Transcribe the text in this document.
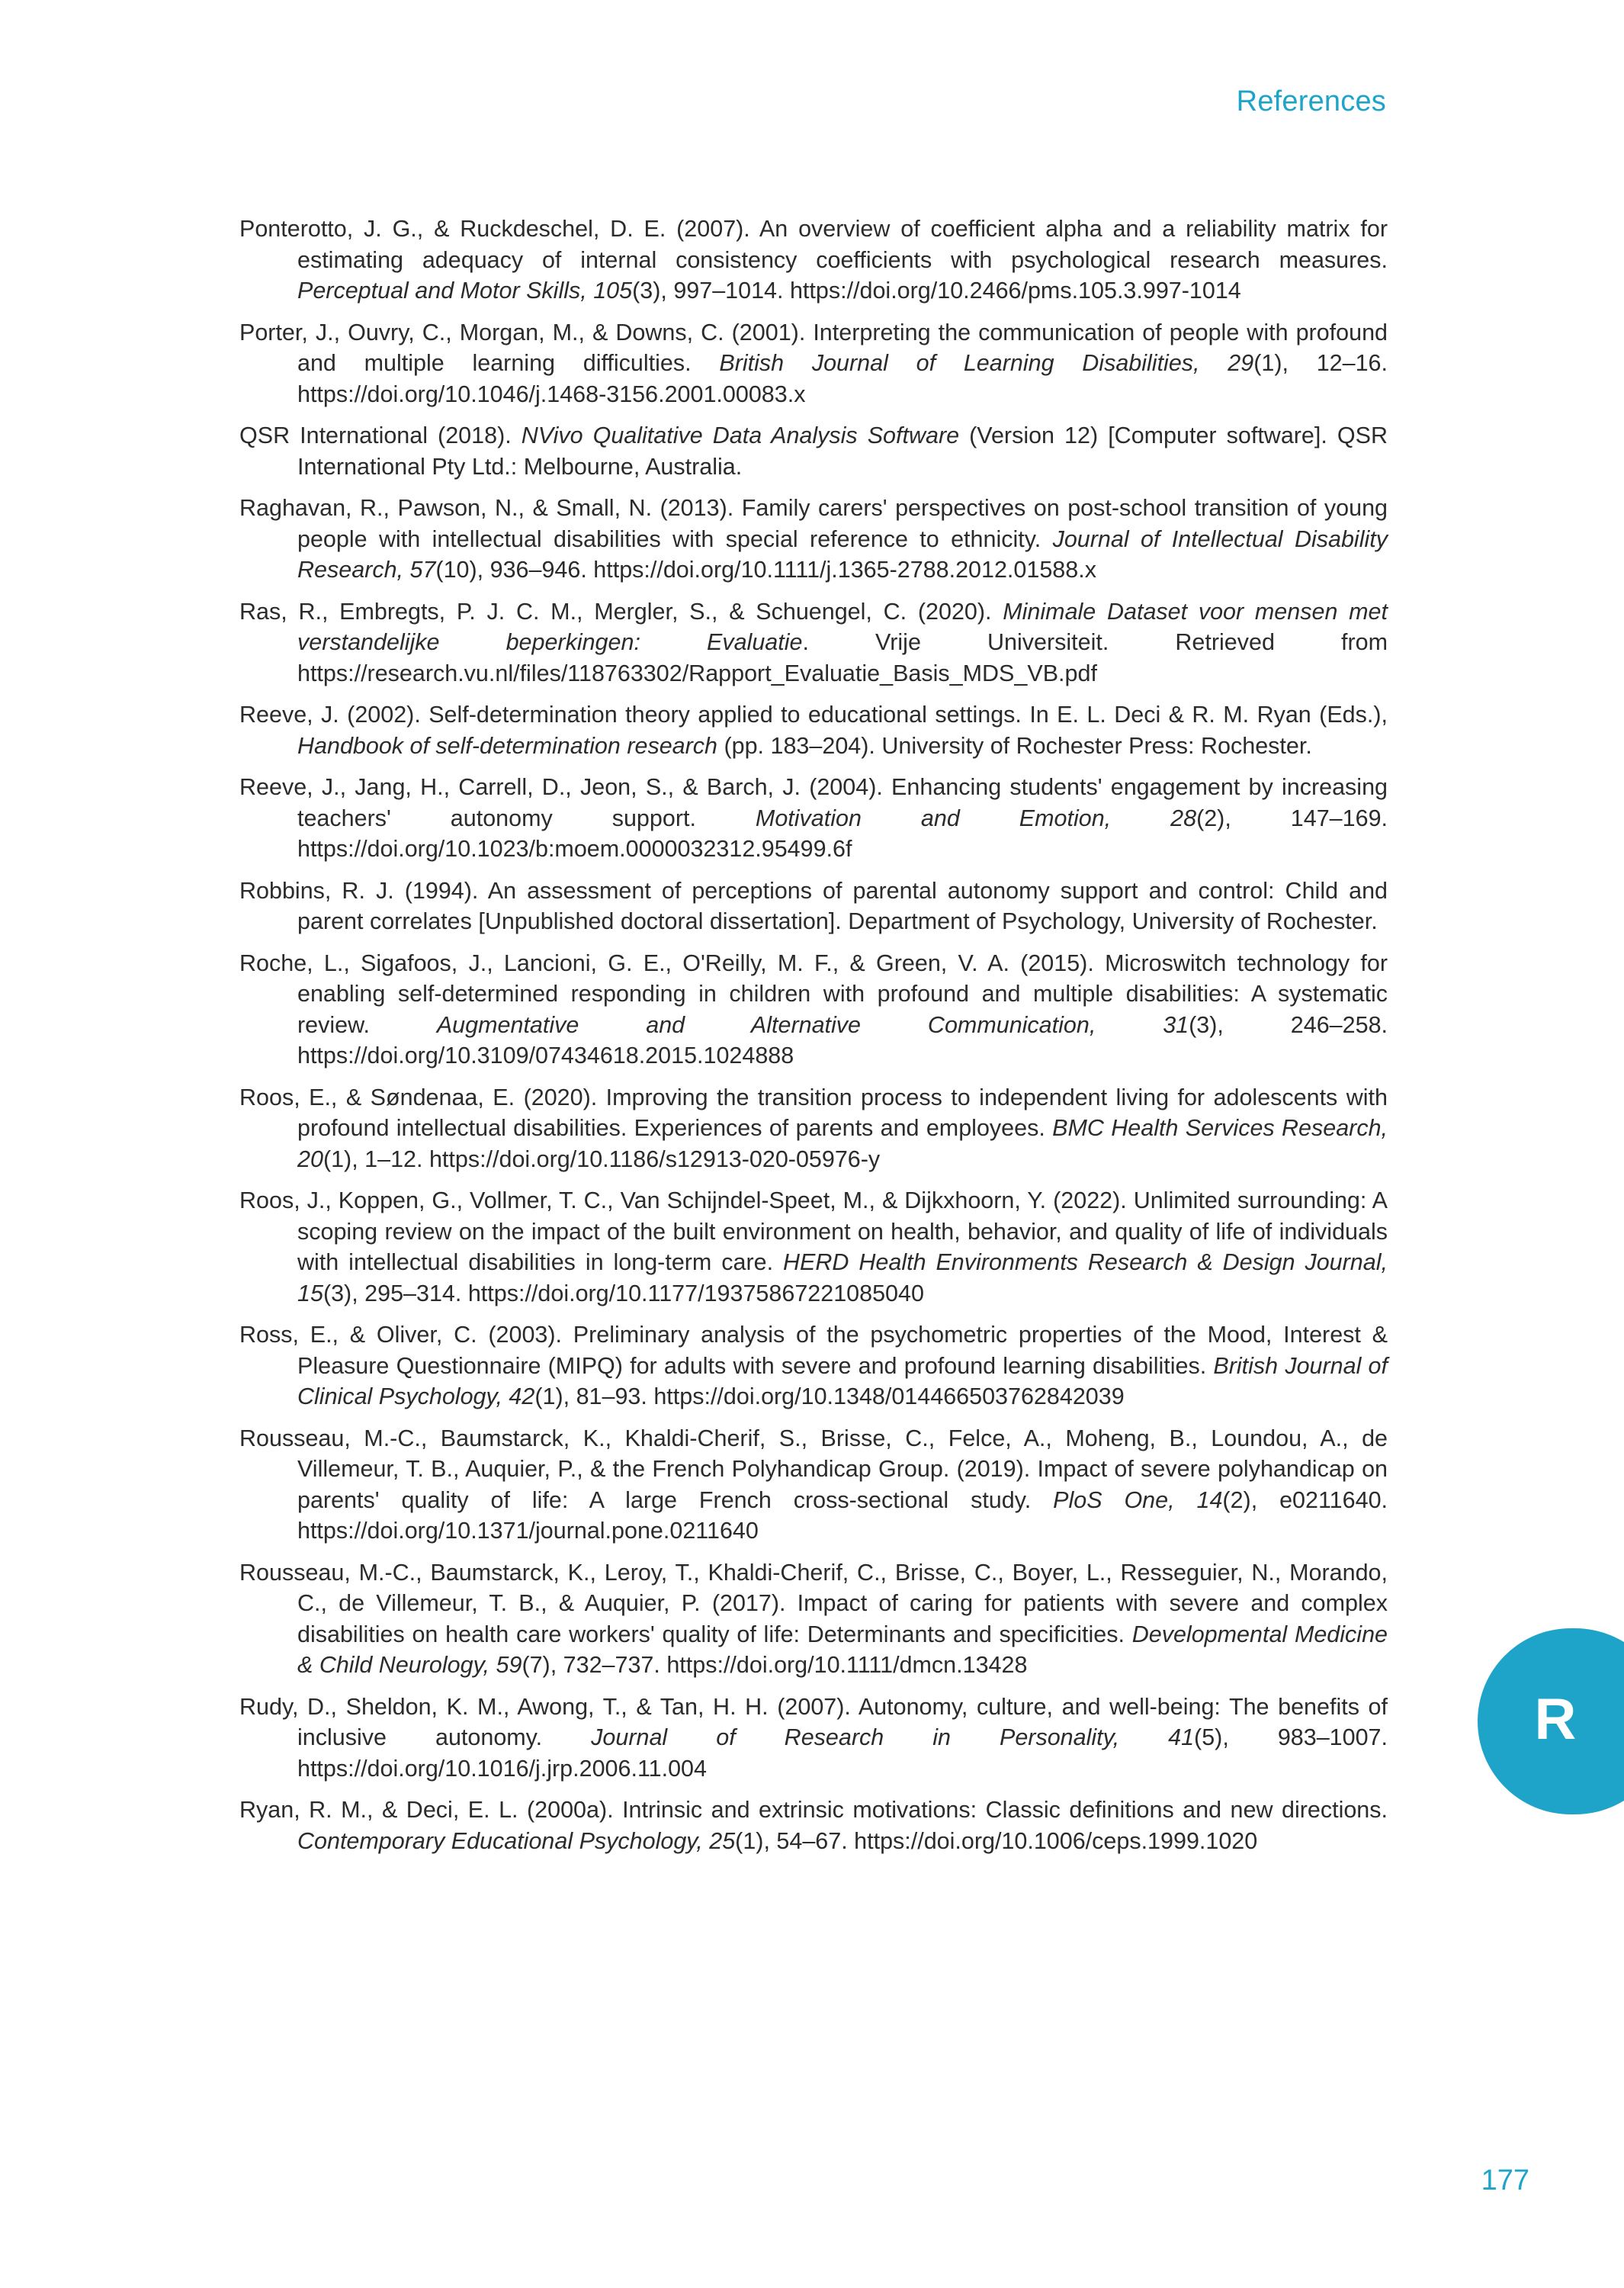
References
Ponterotto, J. G., & Ruckdeschel, D. E. (2007). An overview of coefficient alpha and a reliability matrix for estimating adequacy of internal consistency coefficients with psychological research measures. Perceptual and Motor Skills, 105(3), 997–1014. https://doi.org/10.2466/pms.105.3.997-1014
Porter, J., Ouvry, C., Morgan, M., & Downs, C. (2001). Interpreting the communication of people with profound and multiple learning difficulties. British Journal of Learning Disabilities, 29(1), 12–16. https://doi.org/10.1046/j.1468-3156.2001.00083.x
QSR International (2018). NVivo Qualitative Data Analysis Software (Version 12) [Computer software]. QSR International Pty Ltd.: Melbourne, Australia.
Raghavan, R., Pawson, N., & Small, N. (2013). Family carers' perspectives on post-school transition of young people with intellectual disabilities with special reference to ethnicity. Journal of Intellectual Disability Research, 57(10), 936–946. https://doi.org/10.1111/j.1365-2788.2012.01588.x
Ras, R., Embregts, P. J. C. M., Mergler, S., & Schuengel, C. (2020). Minimale Dataset voor mensen met verstandelijke beperkingen: Evaluatie. Vrije Universiteit. Retrieved from https://research.vu.nl/files/118763302/Rapport_Evaluatie_Basis_MDS_VB.pdf
Reeve, J. (2002). Self-determination theory applied to educational settings. In E. L. Deci & R. M. Ryan (Eds.), Handbook of self-determination research (pp. 183–204). University of Rochester Press: Rochester.
Reeve, J., Jang, H., Carrell, D., Jeon, S., & Barch, J. (2004). Enhancing students' engagement by increasing teachers' autonomy support. Motivation and Emotion, 28(2), 147–169. https://doi.org/10.1023/b:moem.0000032312.95499.6f
Robbins, R. J. (1994). An assessment of perceptions of parental autonomy support and control: Child and parent correlates [Unpublished doctoral dissertation]. Department of Psychology, University of Rochester.
Roche, L., Sigafoos, J., Lancioni, G. E., O'Reilly, M. F., & Green, V. A. (2015). Microswitch technology for enabling self-determined responding in children with profound and multiple disabilities: A systematic review. Augmentative and Alternative Communication, 31(3), 246–258. https://doi.org/10.3109/07434618.2015.1024888
Roos, E., & Søndenaa, E. (2020). Improving the transition process to independent living for adolescents with profound intellectual disabilities. Experiences of parents and employees. BMC Health Services Research, 20(1), 1–12. https://doi.org/10.1186/s12913-020-05976-y
Roos, J., Koppen, G., Vollmer, T. C., Van Schijndel-Speet, M., & Dijkxhoorn, Y. (2022). Unlimited surrounding: A scoping review on the impact of the built environment on health, behavior, and quality of life of individuals with intellectual disabilities in long-term care. HERD Health Environments Research & Design Journal, 15(3), 295–314. https://doi.org/10.1177/19375867221085040
Ross, E., & Oliver, C. (2003). Preliminary analysis of the psychometric properties of the Mood, Interest & Pleasure Questionnaire (MIPQ) for adults with severe and profound learning disabilities. British Journal of Clinical Psychology, 42(1), 81–93. https://doi.org/10.1348/014466503762842039
Rousseau, M.-C., Baumstarck, K., Khaldi-Cherif, S., Brisse, C., Felce, A., Moheng, B., Loundou, A., de Villemeur, T. B., Auquier, P., & the French Polyhandicap Group. (2019). Impact of severe polyhandicap on parents' quality of life: A large French cross-sectional study. PloS One, 14(2), e0211640. https://doi.org/10.1371/journal.pone.0211640
Rousseau, M.-C., Baumstarck, K., Leroy, T., Khaldi-Cherif, C., Brisse, C., Boyer, L., Resseguier, N., Morando, C., de Villemeur, T. B., & Auquier, P. (2017). Impact of caring for patients with severe and complex disabilities on health care workers' quality of life: Determinants and specificities. Developmental Medicine & Child Neurology, 59(7), 732–737. https://doi.org/10.1111/dmcn.13428
Rudy, D., Sheldon, K. M., Awong, T., & Tan, H. H. (2007). Autonomy, culture, and well-being: The benefits of inclusive autonomy. Journal of Research in Personality, 41(5), 983–1007. https://doi.org/10.1016/j.jrp.2006.11.004
Ryan, R. M., & Deci, E. L. (2000a). Intrinsic and extrinsic motivations: Classic definitions and new directions. Contemporary Educational Psychology, 25(1), 54–67. https://doi.org/10.1006/ceps.1999.1020
R
177
